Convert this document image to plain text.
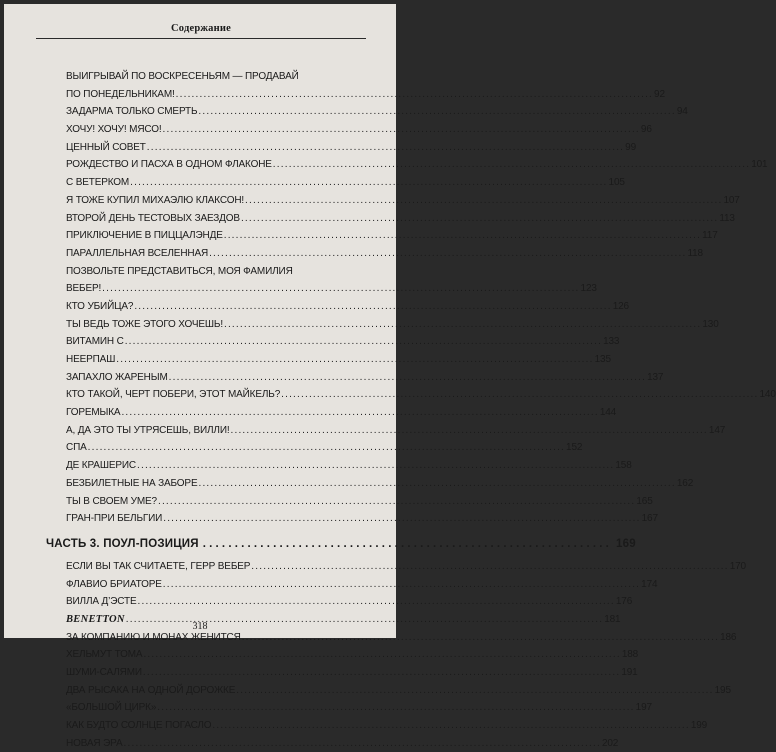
Содержание
ВЫИГРЫВАЙ ПО ВОСКРЕСЕНЬЯМ — ПРОДАВАЙ
ПО ПОНЕДЕЛЬНИКАМ! .....	92
ЗАДАРМА ТОЛЬКО СМЕРТЬ .....	94
ХОЧУ! ХОЧУ! МЯСО! .....	96
ЦЕННЫЙ СОВЕТ .....	99
РОЖДЕСТВО И ПАСХА В ОДНОМ ФЛАКОНЕ .....	101
С ВЕТЕРКОМ .....	105
Я ТОЖЕ КУПИЛ МИХАЭЛЮ КЛАКСОН! .....	107
ВТОРОЙ ДЕНЬ ТЕСТОВЫХ ЗАЕЗДОВ .....	113
ПРИКЛЮЧЕНИЕ В ПИЦЦАЛЭНДЕ .....	117
ПАРАЛЛЕЛЬНАЯ ВСЕЛЕННАЯ .....	118
ПОЗВОЛЬТЕ ПРЕДСТАВИТЬСЯ, МОЯ ФАМИЛИЯ
ВЕБЕР! .....	123
КТО УБИЙЦА? .....	126
ТЫ ВЕДЬ ТОЖЕ ЭТОГО ХОЧЕШЬ! .....	130
ВИТАМИН С .....	133
НЕЕРПАШ .....	135
ЗАПАХЛО ЖАРЕНЫМ .....	137
КТО ТАКОЙ, ЧЕРТ ПОБЕРИ, ЭТОТ МАЙКЕЛЬ? .....	140
ГОРЕМЫКА .....	144
А, ДА ЭТО ТЫ УТРЯСЕШЬ, ВИЛЛИ! .....	147
СПА .....	152
ДЕ КРАШЕРИС .....	158
БЕЗБИЛЕТНЫЕ НА ЗАБОРЕ .....	162
ТЫ В СВОЕМ УМЕ? .....	165
ГРАН-ПРИ БЕЛЬГИИ .....	167
ЧАСТЬ 3. ПОУЛ-ПОЗИЦИЯ .....	169
ЕСЛИ ВЫ ТАК СЧИТАЕТЕ, ГЕРР ВЕБЕР .....	170
ФЛАВИО БРИАТОРЕ .....	174
ВИЛЛА Д’ЭСТЕ .....	176
BENETTON .....	181
ЗА КОМПАНИЮ И МОНАХ ЖЕНИТСЯ .....	186
ХЕЛЬМУТ ТОМА .....	188
ШУМИ-САЛЯМИ .....	191
ДВА РЫСАКА НА ОДНОЙ ДОРОЖКЕ .....	195
«БОЛЬШОЙ ЦИРК» .....	197
КАК БУДТО СОЛНЦЕ ПОГАСЛО .....	199
НОВАЯ ЭРА .....	202
318
